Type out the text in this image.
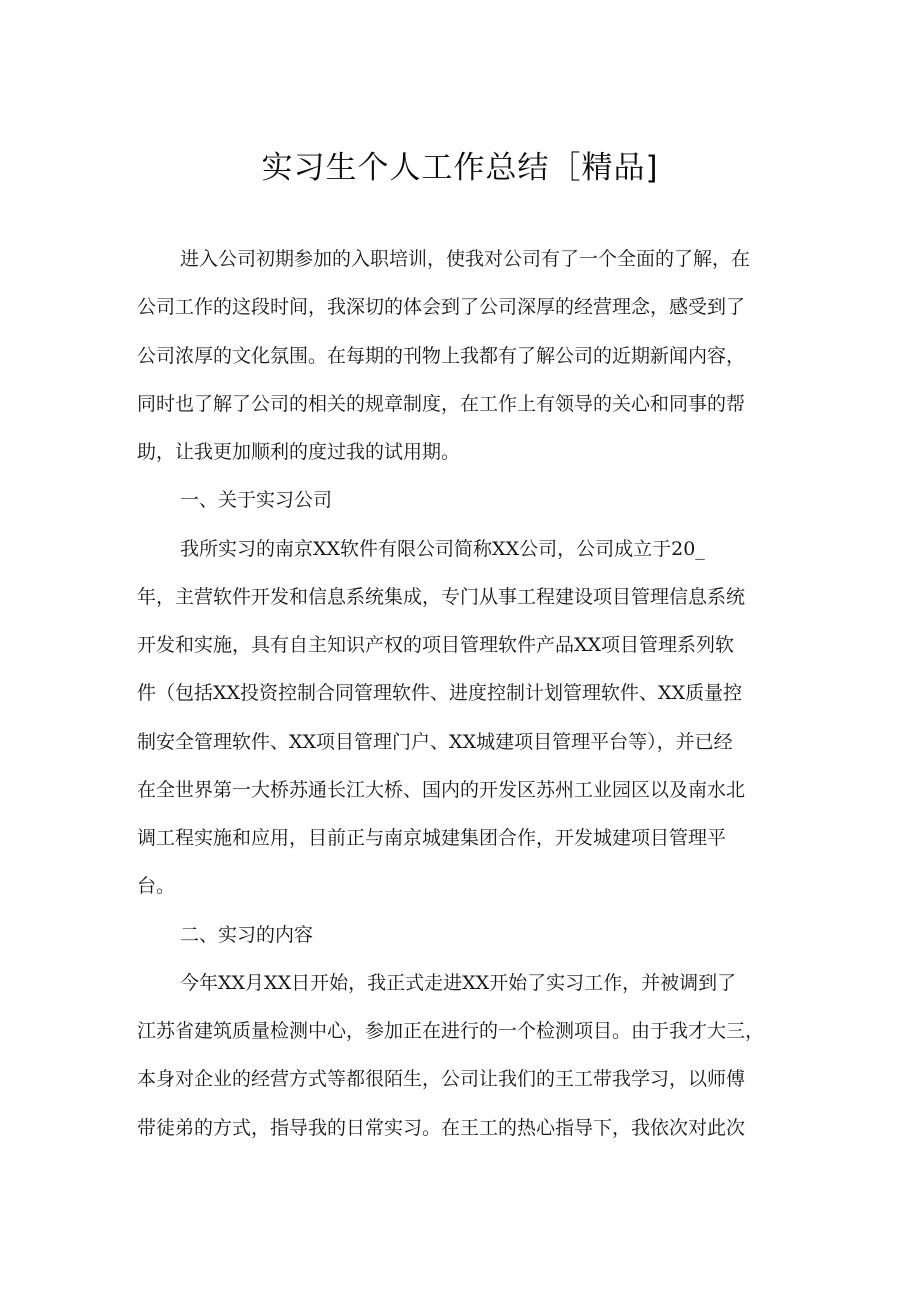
实习生个人工作总结［精品]
进入公司初期参加的入职培训，使我对公司有了一个全面的了解，在
公司工作的这段时间，我深切的体会到了公司深厚的经营理念，感受到了
公司浓厚的文化氛围。在每期的刊物上我都有了解公司的近期新闻内容，
同时也了解了公司的相关的规章制度，在工作上有领导的关心和同事的帮
助，让我更加顺利的度过我的试用期。
一、关于实习公司
我所实习的南京XX软件有限公司简称XX公司，公司成立于20_
年，主营软件开发和信息系统集成，专门从事工程建设项目管理信息系统
开发和实施，具有自主知识产权的项目管理软件产品XX项目管理系列软
件（包括XX投资控制合同管理软件、进度控制计划管理软件、XX质量控
制安全管理软件、XX项目管理门户、XX城建项目管理平台等），并已经
在全世界第一大桥苏通长江大桥、国内的开发区苏州工业园区以及南水北
调工程实施和应用，目前正与南京城建集团合作，开发城建项目管理平
台。
二、实习的内容
今年XX月XX日开始，我正式走进XX开始了实习工作，并被调到了
江苏省建筑质量检测中心，参加正在进行的一个检测项目。由于我才大三，
本身对企业的经营方式等都很陌生，公司让我们的王工带我学习，以师傅
带徒弟的方式，指导我的日常实习。在王工的热心指导下，我依次对此次
